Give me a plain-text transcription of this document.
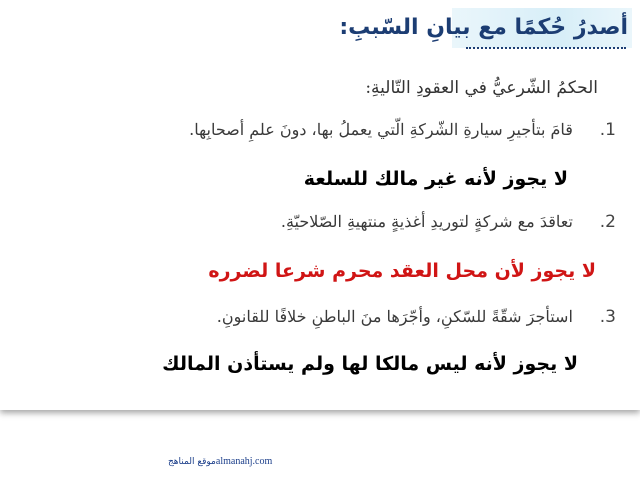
أصدرُ حُكمًا مع بيانِ السّببِ:
الحكمُ الشّرعيُّ في العقودِ التّاليةِ:
1. قامَ بتأجيرِ سيارةِ الشّركةِ الّتي يعملُ بها، دونَ علمِ أصحابِها.
لا يجوز لأنه غير مالك للسلعة
2. تعاقدَ مع شركةٍ لتوريدِ أغذيةٍ منتهيةِ الصّلاحيّةِ.
لا يجوز لأن محل العقد محرم شرعا لضرره
3. استأجرَ شقّةً للسّكنِ، وأجّرَها منَ الباطنِ خلافًا للقانونِ.
لا يجوز لأنه ليس مالكا لها ولم يستأذن المالك
موقع المناهجalmanahj.com
